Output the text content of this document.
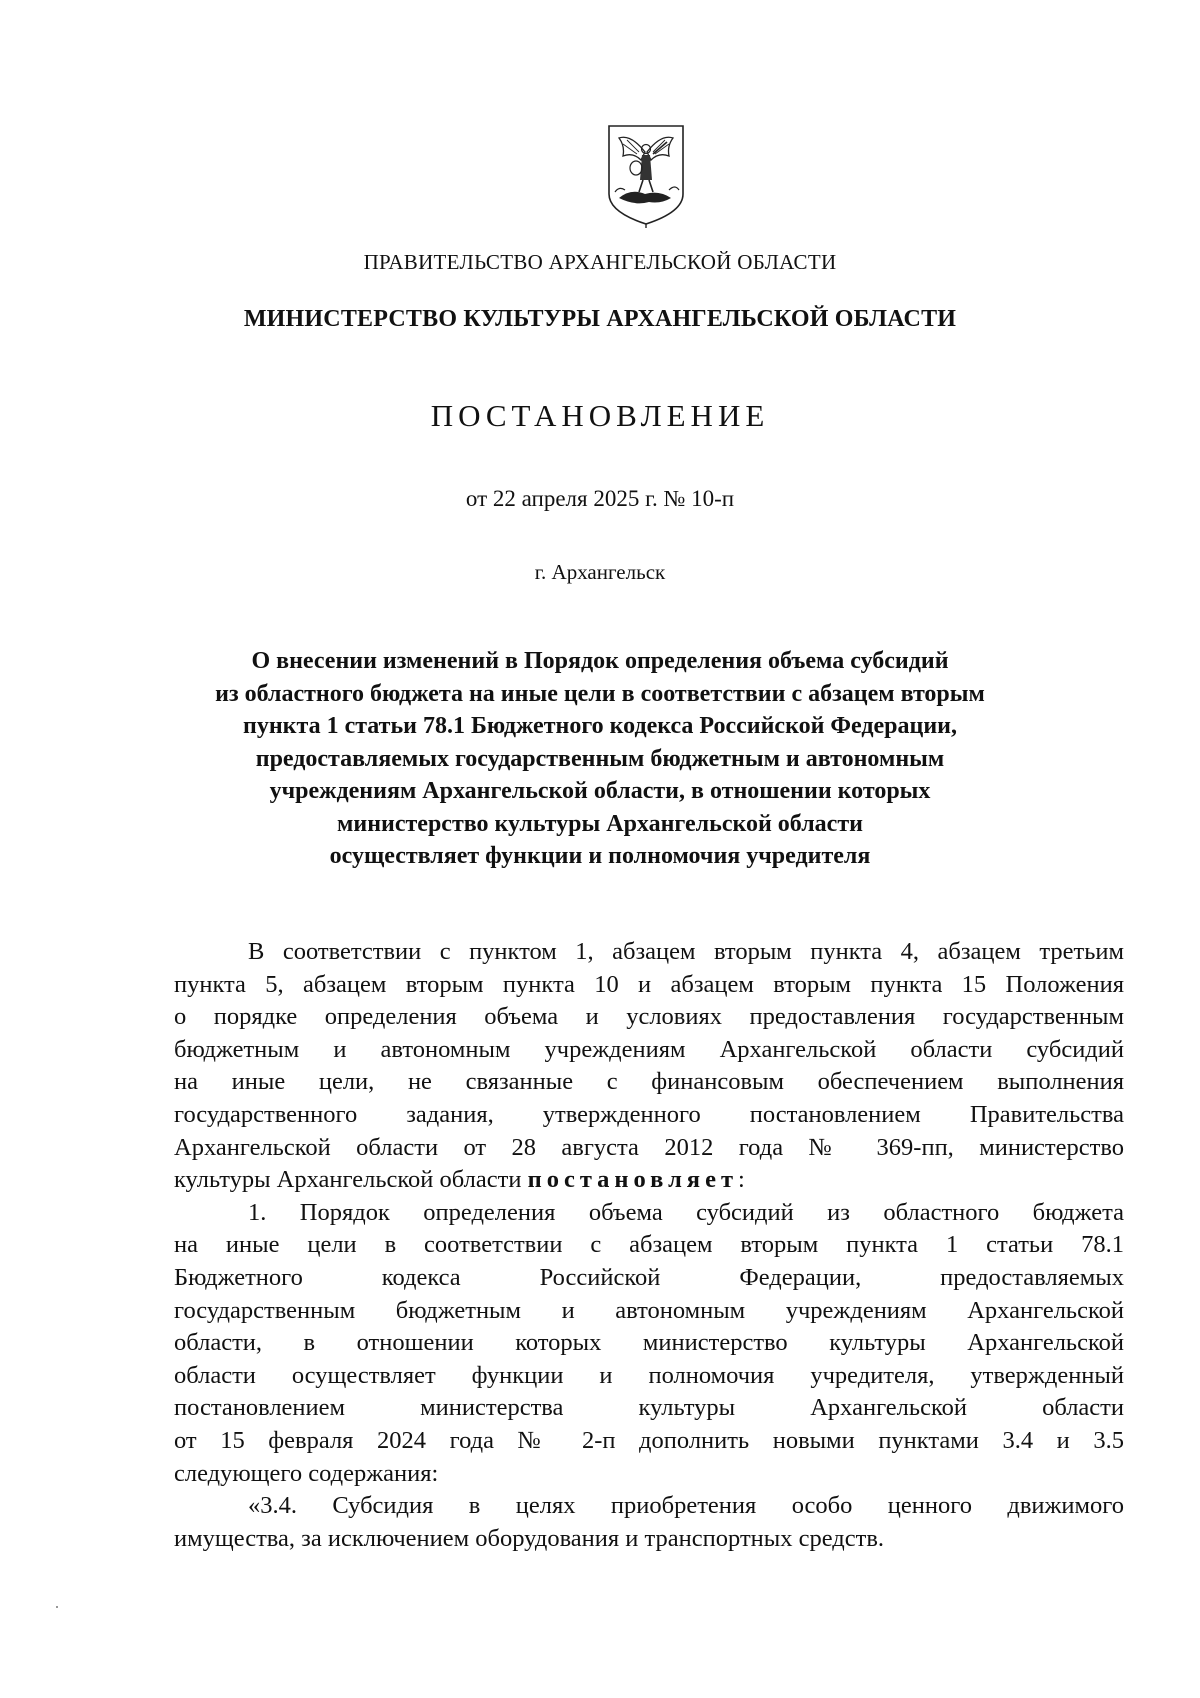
ПРАВИТЕЛЬСТВО АРХАНГЕЛЬСКОЙ ОБЛАСТИ
МИНИСТЕРСТВО КУЛЬТУРЫ АРХАНГЕЛЬСКОЙ ОБЛАСТИ
ПОСТАНОВЛЕНИЕ
от 22 апреля 2025 г. № 10-п
г. Архангельск
О внесении изменений в Порядок определения объема субсидий
из областного бюджета на иные цели в соответствии с абзацем вторым
пункта 1 статьи 78.1 Бюджетного кодекса Российской Федерации,
предоставляемых государственным бюджетным и автономным
учреждениям Архангельской области, в отношении которых
министерство культуры Архангельской области
осуществляет функции и полномочия учредителя
В соответствии с пунктом 1, абзацем вторым пункта 4, абзацем третьим
пункта 5, абзацем вторым пункта 10 и абзацем вторым пункта 15 Положения
о порядке определения объема и условиях предоставления государственным
бюджетным и автономным учреждениям Архангельской области субсидий
на иные цели, не связанные с финансовым обеспечением выполнения
государственного задания, утвержденного постановлением Правительства
Архангельской области от 28 августа 2012 года № 369-пп, министерство
культуры Архангельской области постановляет:
1. Порядок определения объема субсидий из областного бюджета
на иные цели в соответствии с абзацем вторым пункта 1 статьи 78.1
Бюджетного кодекса Российской Федерации, предоставляемых
государственным бюджетным и автономным учреждениям Архангельской
области, в отношении которых министерство культуры Архангельской
области осуществляет функции и полномочия учредителя, утвержденный
постановлением министерства культуры Архангельской области
от 15 февраля 2024 года № 2-п дополнить новыми пунктами 3.4 и 3.5
следующего содержания:
«3.4. Субсидия в целях приобретения особо ценного движимого
имущества, за исключением оборудования и транспортных средств.
